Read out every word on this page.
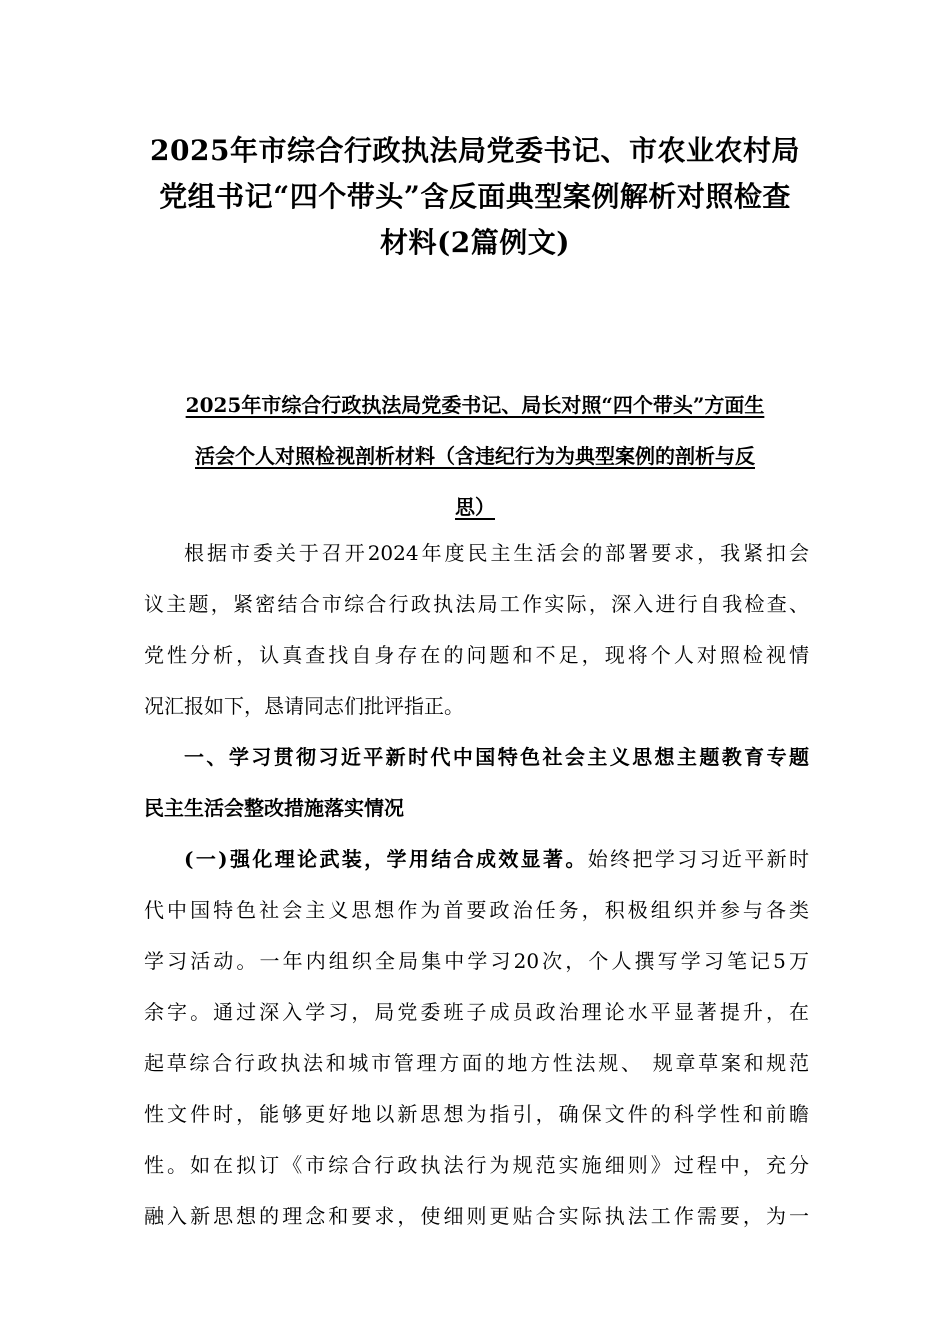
2025年市综合行政执法局党委书记、市农业农村局
党组书记“四个带头”含反面典型案例解析对照检查
材料(2篇例文)
2025年市综合行政执法局党委书记、局长对照“四个带头”方面生
活会个人对照检视剖析材料（含违纪行为为典型案例的剖析与反
思）
根据市委关于召开2024年度民主生活会的部署要求，我紧扣会
议主题，紧密结合市综合行政执法局工作实际，深入进行自我检查、
党性分析，认真查找自身存在的问题和不足，现将个人对照检视情
况汇报如下，恳请同志们批评指正。
一、学习贯彻习近平新时代中国特色社会主义思想主题教育专题
民主生活会整改措施落实情况
(一)强化理论武装，学用结合成效显著。始终把学习习近平新时
代中国特色社会主义思想作为首要政治任务，积极组织并参与各类
学习活动。一年内组织全局集中学习20次，个人撰写学习笔记5万
余字。通过深入学习，局党委班子成员政治理论水平显著提升，在
起草综合行政执法和城市管理方面的地方性法规、 规章草案和规范
性文件时，能够更好地以新思想为指引，确保文件的科学性和前瞻
性。如在拟订《市综合行政执法行为规范实施细则》过程中，充分
融入新思想的理念和要求，使细则更贴合实际执法工作需要，为一
